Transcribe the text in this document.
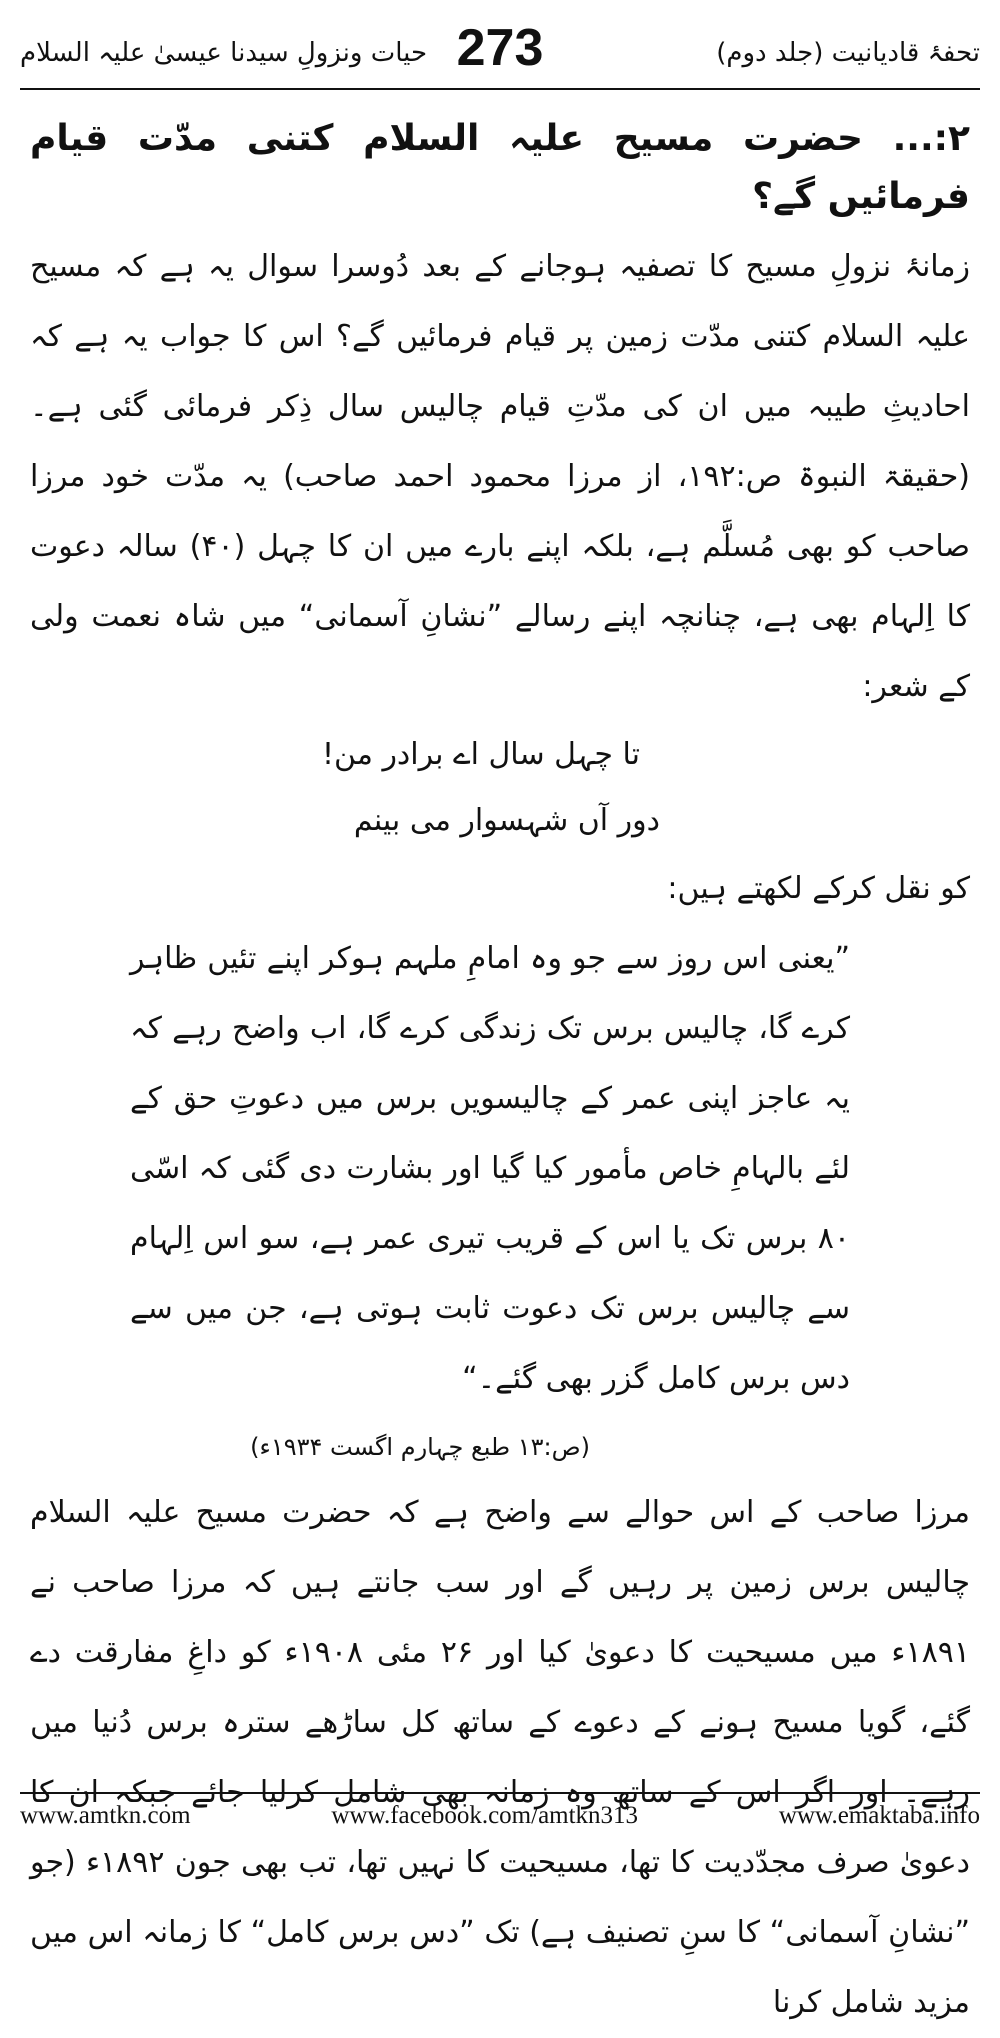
تحفۂ قادیانیت (جلد دوم)
273
حیات ونزولِ سیدنا عیسیٰ علیہ السلام

۲:... حضرت مسیح علیہ السلام کتنی مدّت قیام فرمائیں گے؟

زمانۂ نزولِ مسیح کا تصفیہ ہوجانے کے بعد دُوسرا سوال یہ ہے کہ مسیح علیہ السلام کتنی مدّت زمین پر قیام فرمائیں گے؟ اس کا جواب یہ ہے کہ احادیثِ طیبہ میں ان کی مدّتِ قیام چالیس سال ذِکر فرمائی گئی ہے۔ (حقیقۃ النبوۃ ص:۱۹۲، از مرزا محمود احمد صاحب) یہ مدّت خود مرزا صاحب کو بھی مُسلَّم ہے، بلکہ اپنے بارے میں ان کا چہل (۴۰) سالہ دعوت کا اِلہام بھی ہے، چنانچہ اپنے رسالے ”نشانِ آسمانی“ میں شاہ نعمت ولی کے شعر:

تا چہل سال اے برادر من!

دور آں شہسوار می بینم

کو نقل کرکے لکھتے ہیں:

”یعنی اس روز سے جو وہ امامِ ملہم ہوکر اپنے تئیں ظاہر کرے گا، چالیس برس تک زندگی کرے گا، اب واضح رہے کہ یہ عاجز اپنی عمر کے چالیسویں برس میں دعوتِ حق کے لئے بالہامِ خاص مأمور کیا گیا اور بشارت دی گئی کہ اسّی ۸۰ برس تک یا اس کے قریب تیری عمر ہے، سو اس اِلہام سے چالیس برس تک دعوت ثابت ہوتی ہے، جن میں سے دس برس کامل گزر بھی گئے۔“

(ص:۱۳ طبع چہارم اگست ۱۹۳۴ء)

مرزا صاحب کے اس حوالے سے واضح ہے کہ حضرت مسیح علیہ السلام چالیس برس زمین پر رہیں گے اور سب جانتے ہیں کہ مرزا صاحب نے ۱۸۹۱ء میں مسیحیت کا دعویٰ کیا اور ۲۶ مئی ۱۹۰۸ء کو داغِ مفارقت دے گئے، گویا مسیح ہونے کے دعوے کے ساتھ کل ساڑھے سترہ برس دُنیا میں رہے۔ اور اگر اس کے ساتھ وہ زمانہ بھی شامل کرلیا جائے جبکہ ان کا دعویٰ صرف مجدّدیت کا تھا، مسیحیت کا نہیں تھا، تب بھی جون ۱۸۹۲ء (جو ”نشانِ آسمانی“ کا سنِ تصنیف ہے) تک ”دس برس کامل“ کا زمانہ اس میں مزید شامل کرنا

www.amtkn.com	www.facebook.com/amtkn313	www.emaktaba.info
